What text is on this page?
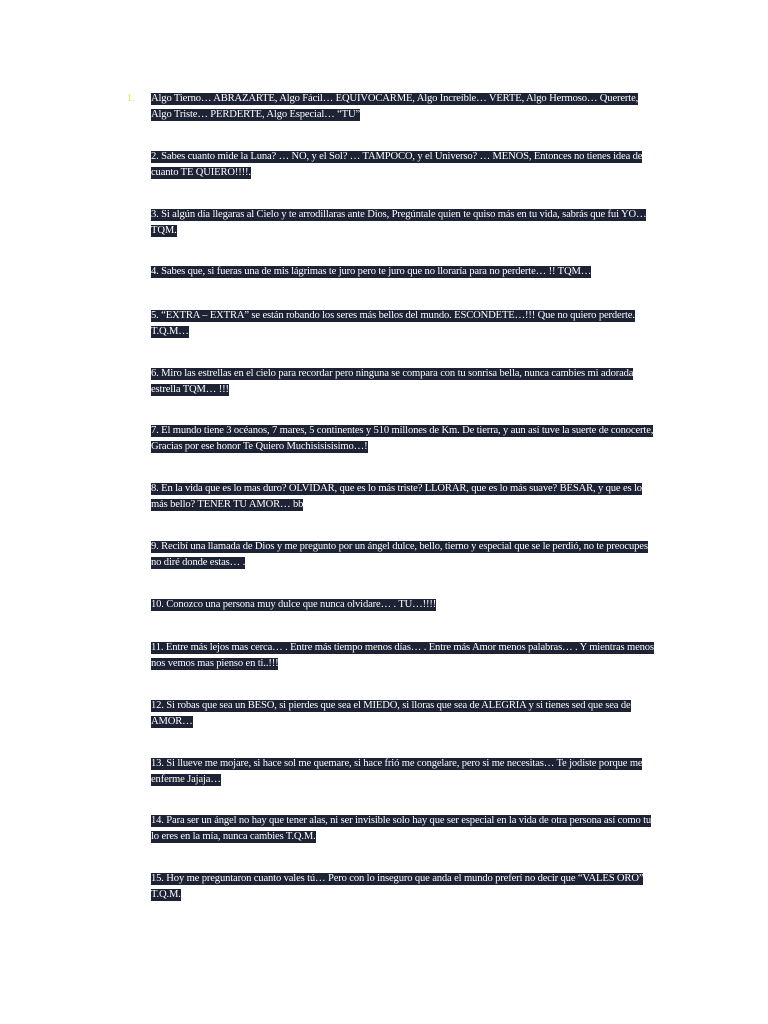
1. Algo Tierno… ABRAZARTE, Algo Fácil… EQUIVOCARME, Algo Increíble… VERTE, Algo Hermoso… Quererte, Algo Triste… PERDERTE, Algo Especial… “TU”
2. Sabes cuanto mide la Luna? … NO, y el Sol? … TAMPOCO, y el Universo? … MENOS, Entonces no tienes idea de cuanto TE QUIERO!!!!.
3. Si algún día llegaras al Cielo y te arrodillaras ante Dios, Pregúntale quien te quiso más en tu vida, sabrás que fui YO… TQM.
4. Sabes que, si fueras una de mis lágrimas te juro pero te juro que no lloraría para no perderte… !! TQM…
5. “EXTRA – EXTRA” se están robando los seres más bellos del mundo. ESCONDETE…!!! Que no quiero perderte. T.Q.M…
6. Miro las estrellas en el cielo para recordar pero ninguna se compara con tu sonrisa bella, nunca cambies mi adorada estrella TQM… !!!
7. El mundo tiene 3 océanos, 7 mares, 5 continentes y 510 millones de Km. De tierra, y aun así tuve la suerte de conocerte, Gracias por ese honor Te Quiero Muchisisisisimo…!
8. En la vida que es lo mas duro? OLVIDAR, que es lo más triste? LLORAR, que es lo más suave? BESAR, y que es lo más bello? TENER TU AMOR… bb
9. Recibí una llamada de Dios y me pregunto por un ángel dulce, bello, tierno y especial que se le perdió, no te preocupes no diré donde estas… .
10. Conozco una persona muy dulce que nunca olvidare… . TU…!!!!
11. Entre más lejos mas cerca… . Entre más tiempo menos días… . Entre más Amor menos palabras… . Y mientras menos nos vemos mas pienso en ti..!!!
12. Si robas que sea un BESO, si pierdes que sea el MIEDO, si lloras que sea de ALEGRIA y si tienes sed que sea de AMOR…
13. Si llueve me mojare, si hace sol me quemare, si hace frió me congelare, pero si me necesitas… Te jodiste porque me enferme Jajaja…
14. Para ser un ángel no hay que tener alas, ni ser invisible solo hay que ser especial en la vida de otra persona así como tu lo eres en la mía, nunca cambies T.Q.M.
15. Hoy me preguntaron cuanto vales tú… Pero con lo inseguro que anda el mundo preferí no decir que “VALES ORO” T.Q.M.
